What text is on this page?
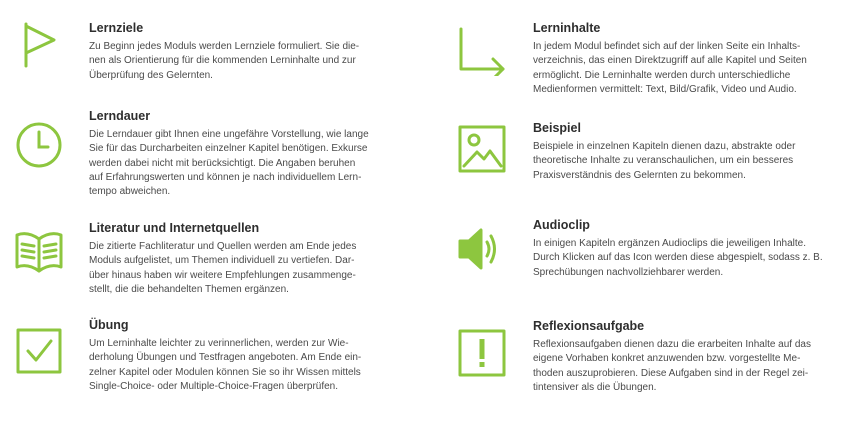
Lernziele

Zu Beginn jedes Moduls werden Lernziele formuliert. Sie die-
nen als Orientierung für die kommenden Lerninhalte und zur
Überprüfung des Gelernten.

Lerndauer

Die Lerndauer gibt Ihnen eine ungefähre Vorstellung, wie lange
Sie für das Durcharbeiten einzelner Kapitel benötigen. Exkurse
werden dabei nicht mit berücksichtigt. Die Angaben beruhen
auf Erfahrungswerten und können je nach individuellem Lern-
tempo abweichen.

Literatur und Internetquellen

Die zitierte Fachliteratur und Quellen werden am Ende jedes
Moduls aufgelistet, um Themen individuell zu vertiefen. Dar-
über hinaus haben wir weitere Empfehlungen zusammenge-
stellt, die die behandelten Themen ergänzen.

Übung

Um Lerninhalte leichter zu verinnerlichen, werden zur Wie-
derholung Übungen und Testfragen angeboten. Am Ende ein-
zelner Kapitel oder Modulen können Sie so ihr Wissen mittels
Single-Choice- oder Multiple-Choice-Fragen überprüfen.

Lerninhalte

In jedem Modul befindet sich auf der linken Seite ein Inhalts-
verzeichnis, das einen Direktzugriff auf alle Kapitel und Seiten
ermöglicht. Die Lerninhalte werden durch unterschiedliche
Medienformen vermittelt: Text, Bild/Grafik, Video und Audio.

Beispiel

Beispiele in einzelnen Kapiteln dienen dazu, abstrakte oder
theoretische Inhalte zu veranschaulichen, um ein besseres
Praxisverständnis des Gelernten zu bekommen.

Audioclip

In einigen Kapiteln ergänzen Audioclips die jeweiligen Inhalte.
Durch Klicken auf das Icon werden diese abgespielt, sodass z. B.
Sprechübungen nachvollziehbarer werden.

Reflexionsaufgabe

Reflexionsaufgaben dienen dazu die erarbeiten Inhalte auf das
eigene Vorhaben konkret anzuwenden bzw. vorgestellte Me-
thoden auszuprobieren. Diese Aufgaben sind in der Regel zei-
tintensiver als die Übungen.
